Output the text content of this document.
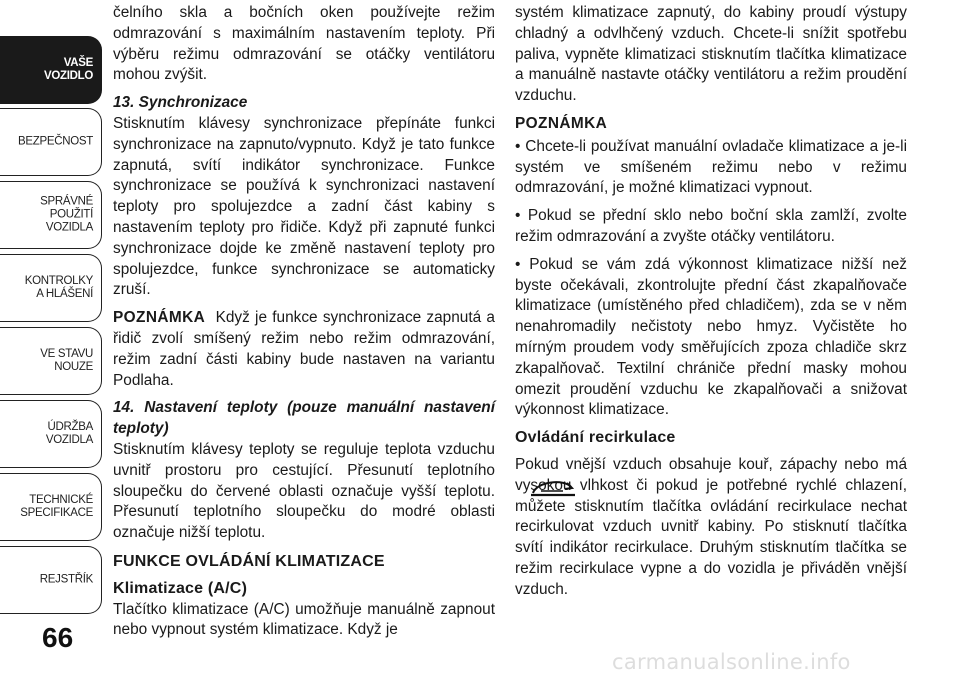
VAŠE
VOZIDLO
BEZPEČNOST
SPRÁVNÉ
POUŽITÍ
VOZIDLA
KONTROLKY
A HLÁŠENÍ
VE STAVU
NOUZE
ÚDRŽBA
VOZIDLA
TECHNICKÉ
SPECIFIKACE
REJSTŘÍK
66

čelního skla a bočních oken používejte režim odmrazování s maximálním nastavením teploty. Při výběru režimu odmrazování se otáčky ventilátoru mohou zvýšit.

13. Synchronizace

Stisknutím klávesy synchronizace přepínáte funkci synchronizace na zapnuto/vypnuto. Když je tato funkce zapnutá, svítí indikátor synchronizace. Funkce synchronizace se používá k synchronizaci nastavení teploty pro spolujezdce a zadní část kabiny s nastavením teploty pro řidiče. Když při zapnuté funkci synchronizace dojde ke změně nastavení teploty pro spolujezdce, funkce synchronizace se automaticky zruší.

POZNÁMKA Když je funkce synchronizace zapnutá a řidič zvolí smíšený režim nebo režim odmrazování, režim zadní části kabiny bude nastaven na variantu Podlaha.

14. Nastavení teploty (pouze manuální nastavení teploty)

Stisknutím klávesy teploty se reguluje teplota vzduchu uvnitř prostoru pro cestující. Přesunutí teplotního sloupečku do červené oblasti označuje vyšší teplotu. Přesunutí teplotního sloupečku do modré oblasti označuje nižší teplotu.

FUNKCE OVLÁDÁNÍ KLIMATIZACE

Klimatizace (A/C)

Tlačítko klimatizace (A/C) umožňuje manuálně zapnout nebo vypnout systém klimatizace. Když je

systém klimatizace zapnutý, do kabiny proudí výstupy chladný a odvlhčený vzduch. Chcete-li snížit spotřebu paliva, vypněte klimatizaci stisknutím tlačítka klimatizace a manuálně nastavte otáčky ventilátoru a režim proudění vzduchu.

POZNÁMKA

• Chcete-li používat manuální ovladače klimatizace a je-li systém ve smíšeném režimu nebo v režimu odmrazování, je možné klimatizaci vypnout.

• Pokud se přední sklo nebo boční skla zamlží, zvolte režim odmrazování a zvyšte otáčky ventilátoru.

• Pokud se vám zdá výkonnost klimatizace nižší než byste očekávali, zkontrolujte přední část zkapalňovače klimatizace (umístěného před chladičem), zda se v něm nenahromadily nečistoty nebo hmyz. Vyčistěte ho mírným proudem vody směřujících zpoza chladiče skrz zkapalňovač. Textilní chrániče přední masky mohou omezit proudění vzduchu ke zkapalňovači a snižovat výkonnost klimatizace.

Ovládání recirkulace

Pokud vnější vzduch obsahuje kouř, zápachy nebo má vysokou vlhkost či pokud je potřebné rychlé chlazení, můžete stisknutím tlačítka ovládání recirkulace nechat recirkulovat vzduch uvnitř kabiny. Po stisknutí tlačítka svítí indikátor recirkulace. Druhým stisknutím tlačítka se režim recirkulace vypne a do vozidla je přiváděn vnější vzduch.

carmanualsonline.info
